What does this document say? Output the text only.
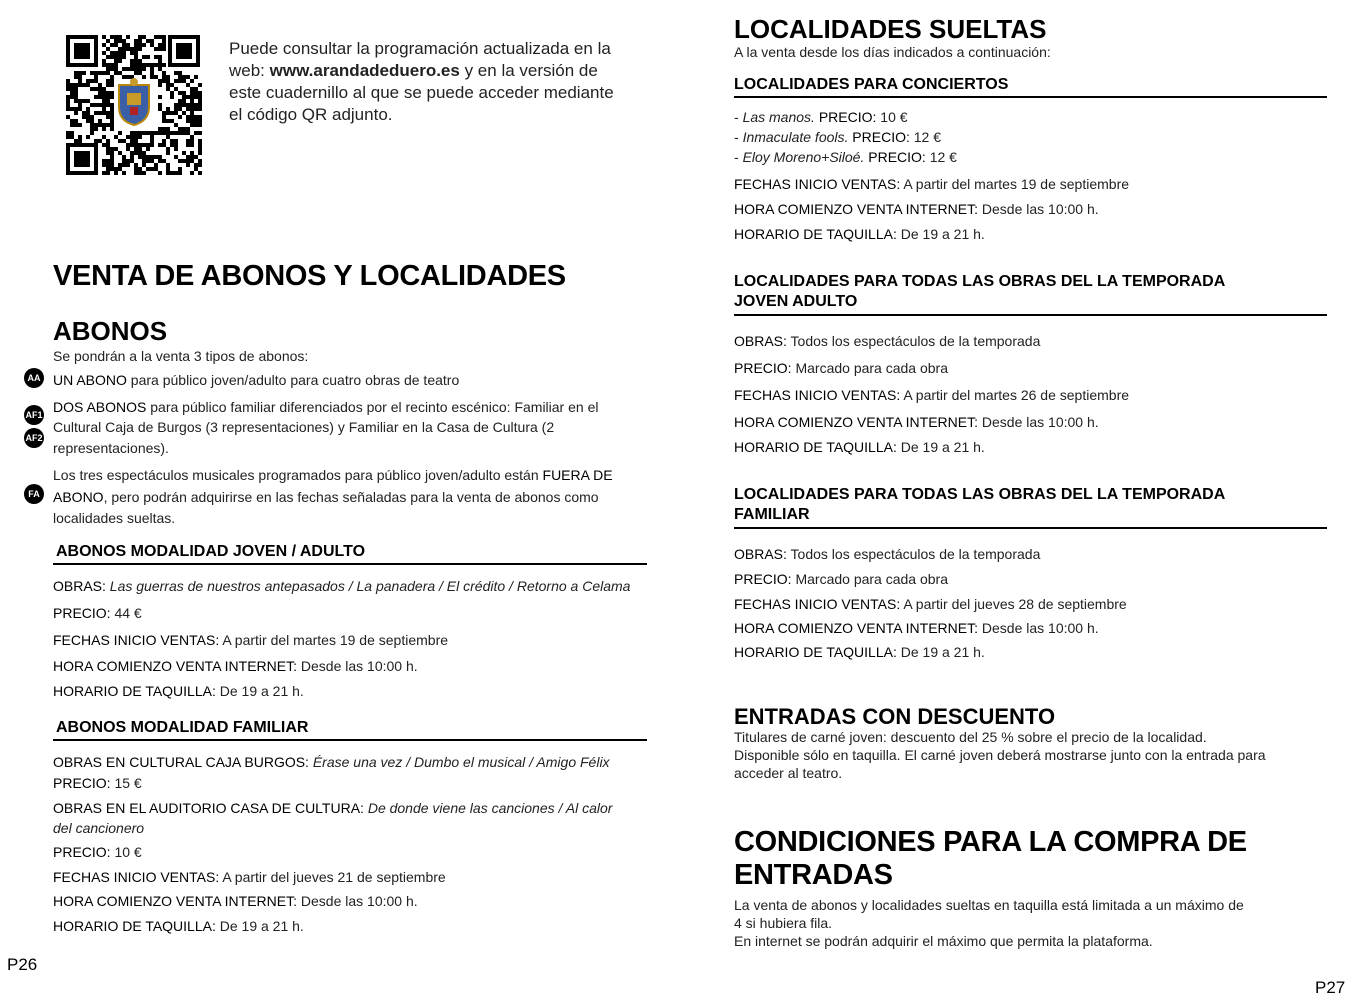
Puede consultar la programación actualizada en la web: www.arandadeduero.es y en la versión de este cuadernillo al que se puede acceder mediante el código QR adjunto.
VENTA DE ABONOS Y LOCALIDADES
ABONOS
Se pondrán a la venta 3 tipos de abonos:
AA UN ABONO para público joven/adulto para cuatro obras de teatro
AF1
AF2
DOS ABONOS para público familiar diferenciados por el recinto escénico: Familiar en el
Cultural Caja de Burgos (3 representaciones) y Familiar en la Casa de Cultura (2
representaciones).
Los tres espectáculos musicales programados para público joven/adulto están FUERA DE
FA ABONO, pero podrán adquirirse en las fechas señaladas para la venta de abonos como
localidades sueltas.
ABONOS MODALIDAD JOVEN / ADULTO
OBRAS: Las guerras de nuestros antepasados / La panadera / El crédito / Retorno a Celama
PRECIO: 44 €
FECHAS INICIO VENTAS: A partir del martes 19 de septiembre
HORA COMIENZO VENTA INTERNET: Desde las 10:00 h.
HORARIO DE TAQUILLA: De 19 a 21 h.
ABONOS MODALIDAD FAMILIAR
OBRAS EN CULTURAL CAJA BURGOS: Érase una vez / Dumbo el musical / Amigo Félix
PRECIO: 15 €
OBRAS EN EL AUDITORIO CASA DE CULTURA: De donde viene las canciones / Al calor
del cancionero
PRECIO: 10 €
FECHAS INICIO VENTAS: A partir del jueves 21 de septiembre
HORA COMIENZO VENTA INTERNET: Desde las 10:00 h.
HORARIO DE TAQUILLA: De 19 a 21 h.
P26
LOCALIDADES SUELTAS
A la venta desde los días indicados a continuación:
LOCALIDADES PARA CONCIERTOS
- Las manos. PRECIO: 10 €
- Inmaculate fools. PRECIO: 12 €
- Eloy Moreno+Siloé. PRECIO: 12 €
FECHAS INICIO VENTAS: A partir del martes 19 de septiembre
HORA COMIENZO VENTA INTERNET: Desde las 10:00 h.
HORARIO DE TAQUILLA: De 19 a 21 h.
LOCALIDADES PARA TODAS LAS OBRAS DEL LA TEMPORADA
JOVEN ADULTO
OBRAS: Todos los espectáculos de la temporada
PRECIO: Marcado para cada obra
FECHAS INICIO VENTAS: A partir del martes 26 de septiembre
HORA COMIENZO VENTA INTERNET: Desde las 10:00 h.
HORARIO DE TAQUILLA: De 19 a 21 h.
LOCALIDADES PARA TODAS LAS OBRAS DEL LA TEMPORADA
FAMILIAR
OBRAS: Todos los espectáculos de la temporada
PRECIO: Marcado para cada obra
FECHAS INICIO VENTAS: A partir del jueves 28 de septiembre
HORA COMIENZO VENTA INTERNET: Desde las 10:00 h.
HORARIO DE TAQUILLA: De 19 a 21 h.
ENTRADAS CON DESCUENTO
Titulares de carné joven: descuento del 25 % sobre el precio de la localidad.
Disponible sólo en taquilla. El carné joven deberá mostrarse junto con la entrada para
acceder al teatro.
CONDICIONES PARA LA COMPRA DE
ENTRADAS
La venta de abonos y localidades sueltas en taquilla está limitada a un máximo de
4 si hubiera fila.
En internet se podrán adquirir el máximo que permita la plataforma.
P27
